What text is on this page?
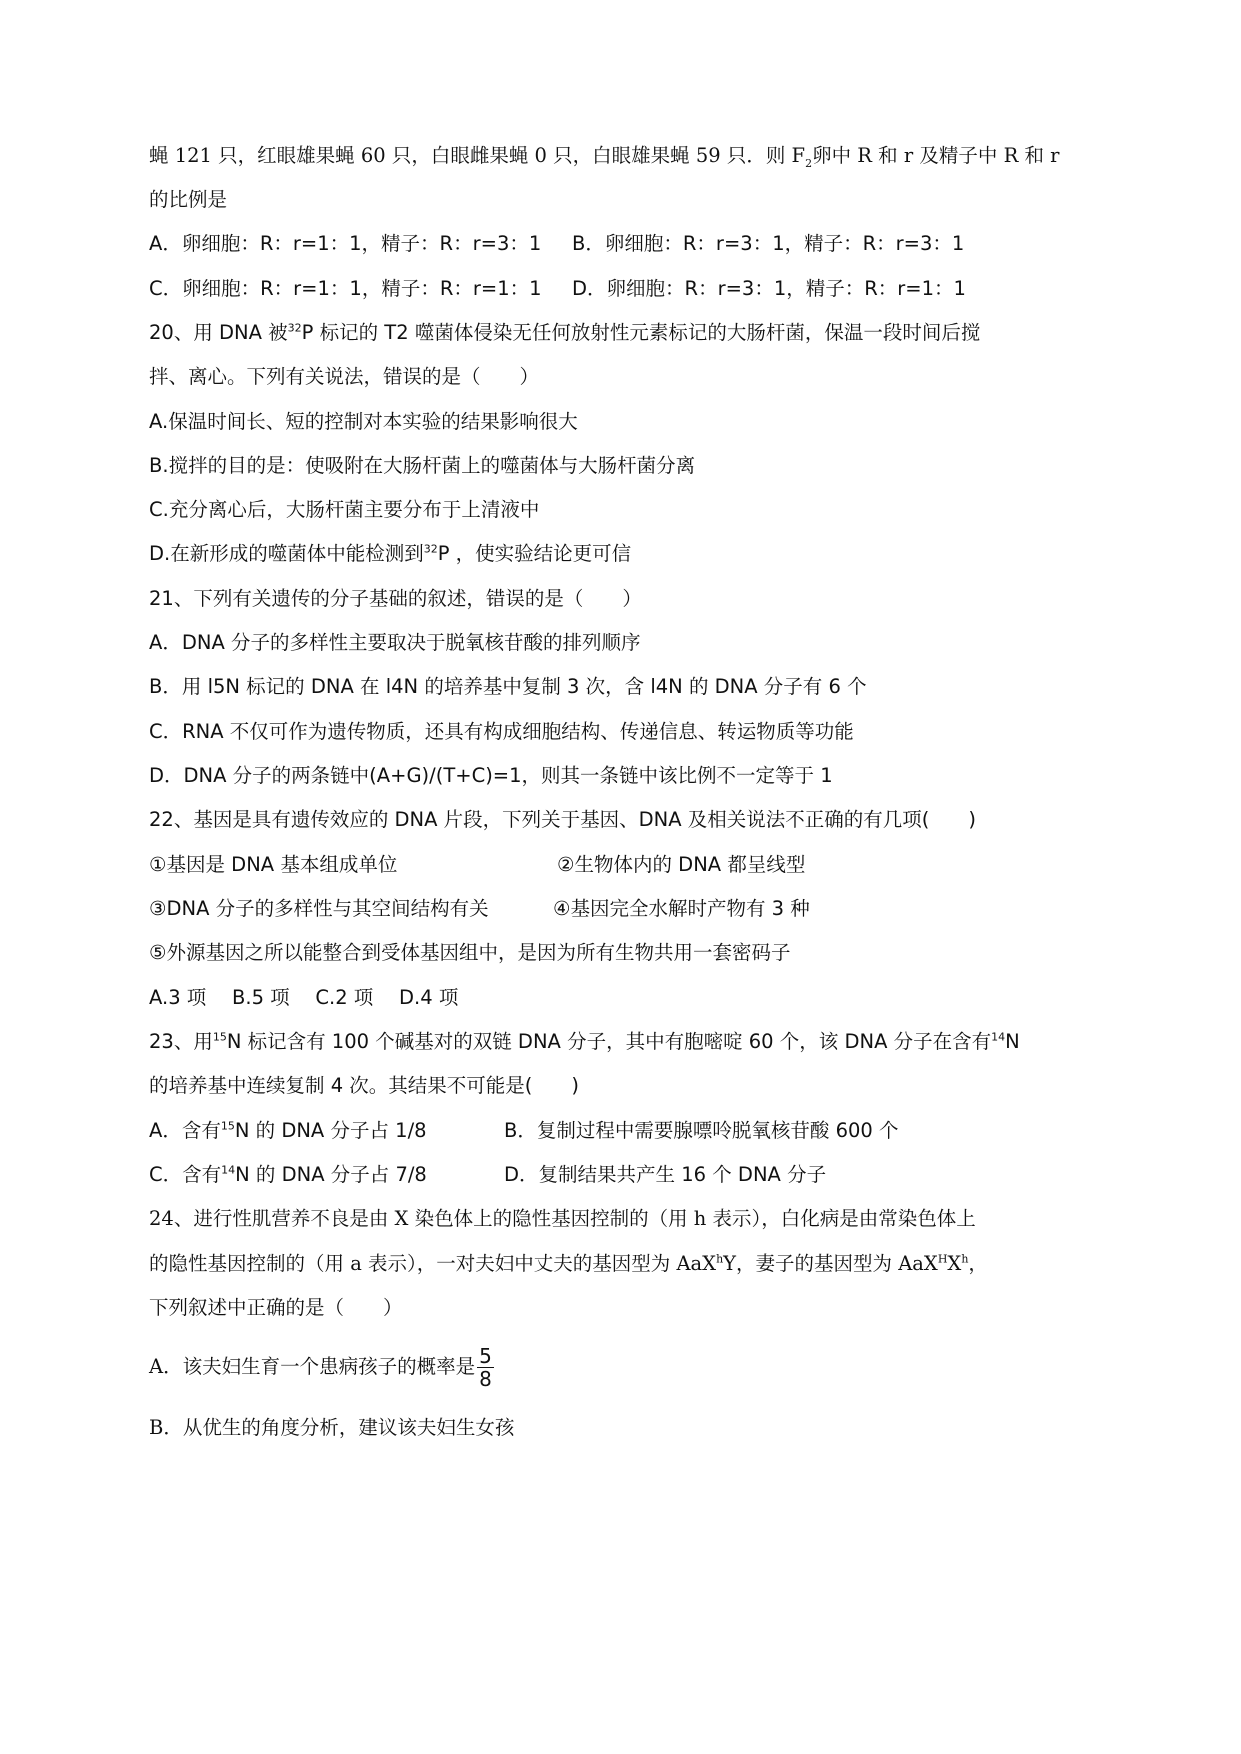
蝇 121 只，红眼雄果蝇 60 只，白眼雌果蝇 0 只，白眼雄果蝇 59 只．则 $F_2$卵中 R 和 r 及精子中 R 和 r
的比例是
A．卵细胞：R：r=1：1，精子：R：r=3：1 B．卵细胞：R：r=3：1，精子：R：r=3：1
C．卵细胞：R：r=1：1，精子：R：r=1：1 D．卵细胞：R：r=3：1，精子：R：r=1：1
20、用 DNA 被$^{32}$P 标记的 T2 噬菌体侵染无任何放射性元素标记的大肠杆菌，保温一段时间后搅
拌、离心。下列有关说法，错误的是（　　）
A.保温时间长、短的控制对本实验的结果影响很大
B.搅拌的目的是：使吸附在大肠杆菌上的噬菌体与大肠杆菌分离
C.充分离心后，大肠杆菌主要分布于上清液中
D.在新形成的噬菌体中能检测到$^{32}$P ，使实验结论更可信
21、下列有关遗传的分子基础的叙述，错误的是（　　）
A．DNA 分子的多样性主要取决于脱氧核苷酸的排列顺序
B．用 l5N 标记的 DNA 在 l4N 的培养基中复制 3 次，含 l4N 的 DNA 分子有 6 个
C．RNA 不仅可作为遗传物质，还具有构成细胞结构、传递信息、转运物质等功能
D．DNA 分子的两条链中(A+G)/(T+C)=1，则其一条链中该比例不一定等于 1
22、基因是具有遗传效应的 DNA 片段，下列关于基因、DNA 及相关说法不正确的有几项(　　)
①基因是 DNA 基本组成单位	②生物体内的 DNA 都呈线型
③DNA 分子的多样性与其空间结构有关	④基因完全水解时产物有 3 种
⑤外源基因之所以能整合到受体基因组中，是因为所有生物共用一套密码子
A.3 项　 B.5 项　 C.2 项　 D.4 项
23、用$^{15}$N 标记含有 100 个碱基对的双链 DNA 分子，其中有胞嘧啶 60 个，该 DNA 分子在含有$^{14}$N
的培养基中连续复制 4 次。其结果不可能是(　　)
A．含有$^{15}$N 的 DNA 分子占 1/8	B．复制过程中需要腺嘌呤脱氧核苷酸 600 个
C．含有$^{14}$N 的 DNA 分子占 7/8	D．复制结果共产生 16 个 DNA 分子
24、进行性肌营养不良是由 X 染色体上的隐性基因控制的（用 h 表示），白化病是由常染色体上
的隐性基因控制的（用 a 表示），一对夫妇中丈夫的基因型为 AaX$^h$Y，妻子的基因型为 $AaX^HX^h$，
下列叙述中正确的是（　　）
A．该夫妇生育一个患病孩子的概率是 $\frac{5}{8}$
B．从优生的角度分析，建议该夫妇生女孩
